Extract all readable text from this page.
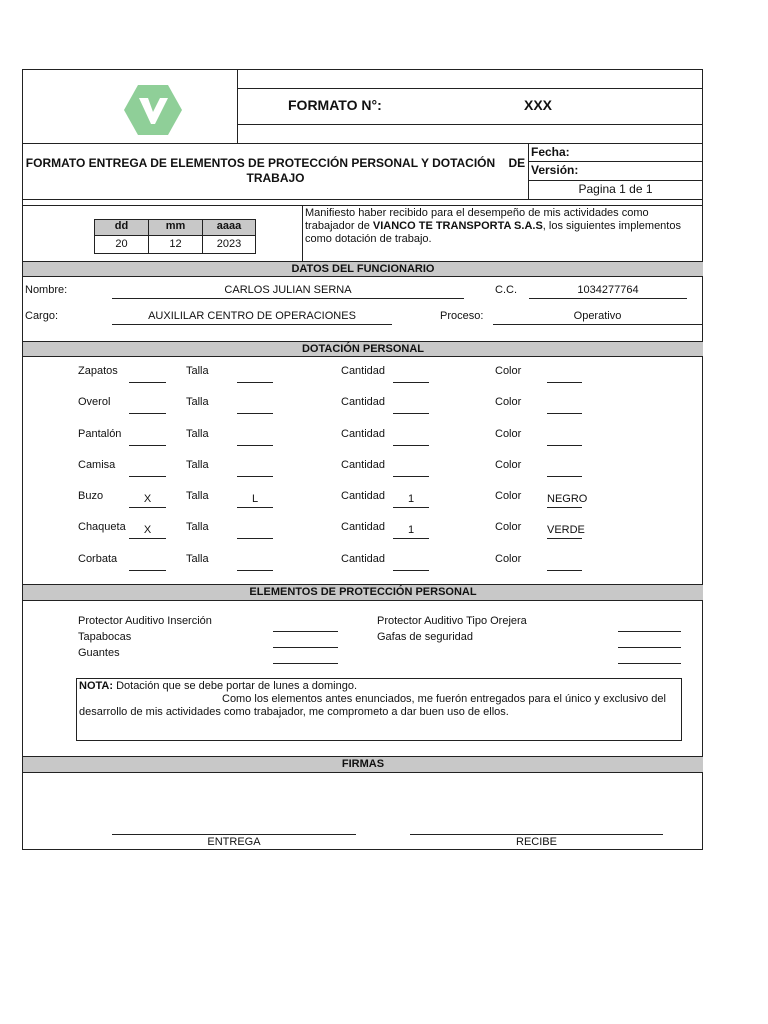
FORMATO N°:	XXX
FORMATO ENTREGA DE ELEMENTOS DE PROTECCIÓN PERSONAL Y DOTACIÓN    DE
TRABAJO
Fecha:
Versión:
Pagina 1 de 1
dd	mm	aaaa
20	12	2023
Manifiesto haber recibido para el desempeño de mis actividades como trabajador de VIANCO TE TRANSPORTA S.A.S, los siguientes implementos como dotación de trabajo.
DATOS DEL FUNCIONARIO
Nombre:	CARLOS JULIAN SERNA	C.C.	1034277764
Cargo:	AUXILILAR CENTRO DE OPERACIONES	Proceso:	Operativo
DOTACIÓN PERSONAL
Zapatos	Talla	Cantidad	Color
Overol	Talla	Cantidad	Color
Pantalón	Talla	Cantidad	Color
Camisa	Talla	Cantidad	Color
Buzo	X	Talla	L	Cantidad	1	Color NEGRO
Chaqueta	X	Talla	Cantidad	1	Color VERDE
Corbata	Talla	Cantidad	Color
ELEMENTOS DE PROTECCIÓN PERSONAL
Protector Auditivo Inserción
Tapabocas
Guantes
Protector Auditivo Tipo Orejera
Gafas de seguridad
NOTA: Dotación que se debe portar de lunes a domingo.
Como los elementos antes enunciados, me fuerón entregados para el único y exclusivo del desarrollo de mis actividades como trabajador, me comprometo a dar buen uso de ellos.
FIRMAS
ENTREGA	RECIBE
